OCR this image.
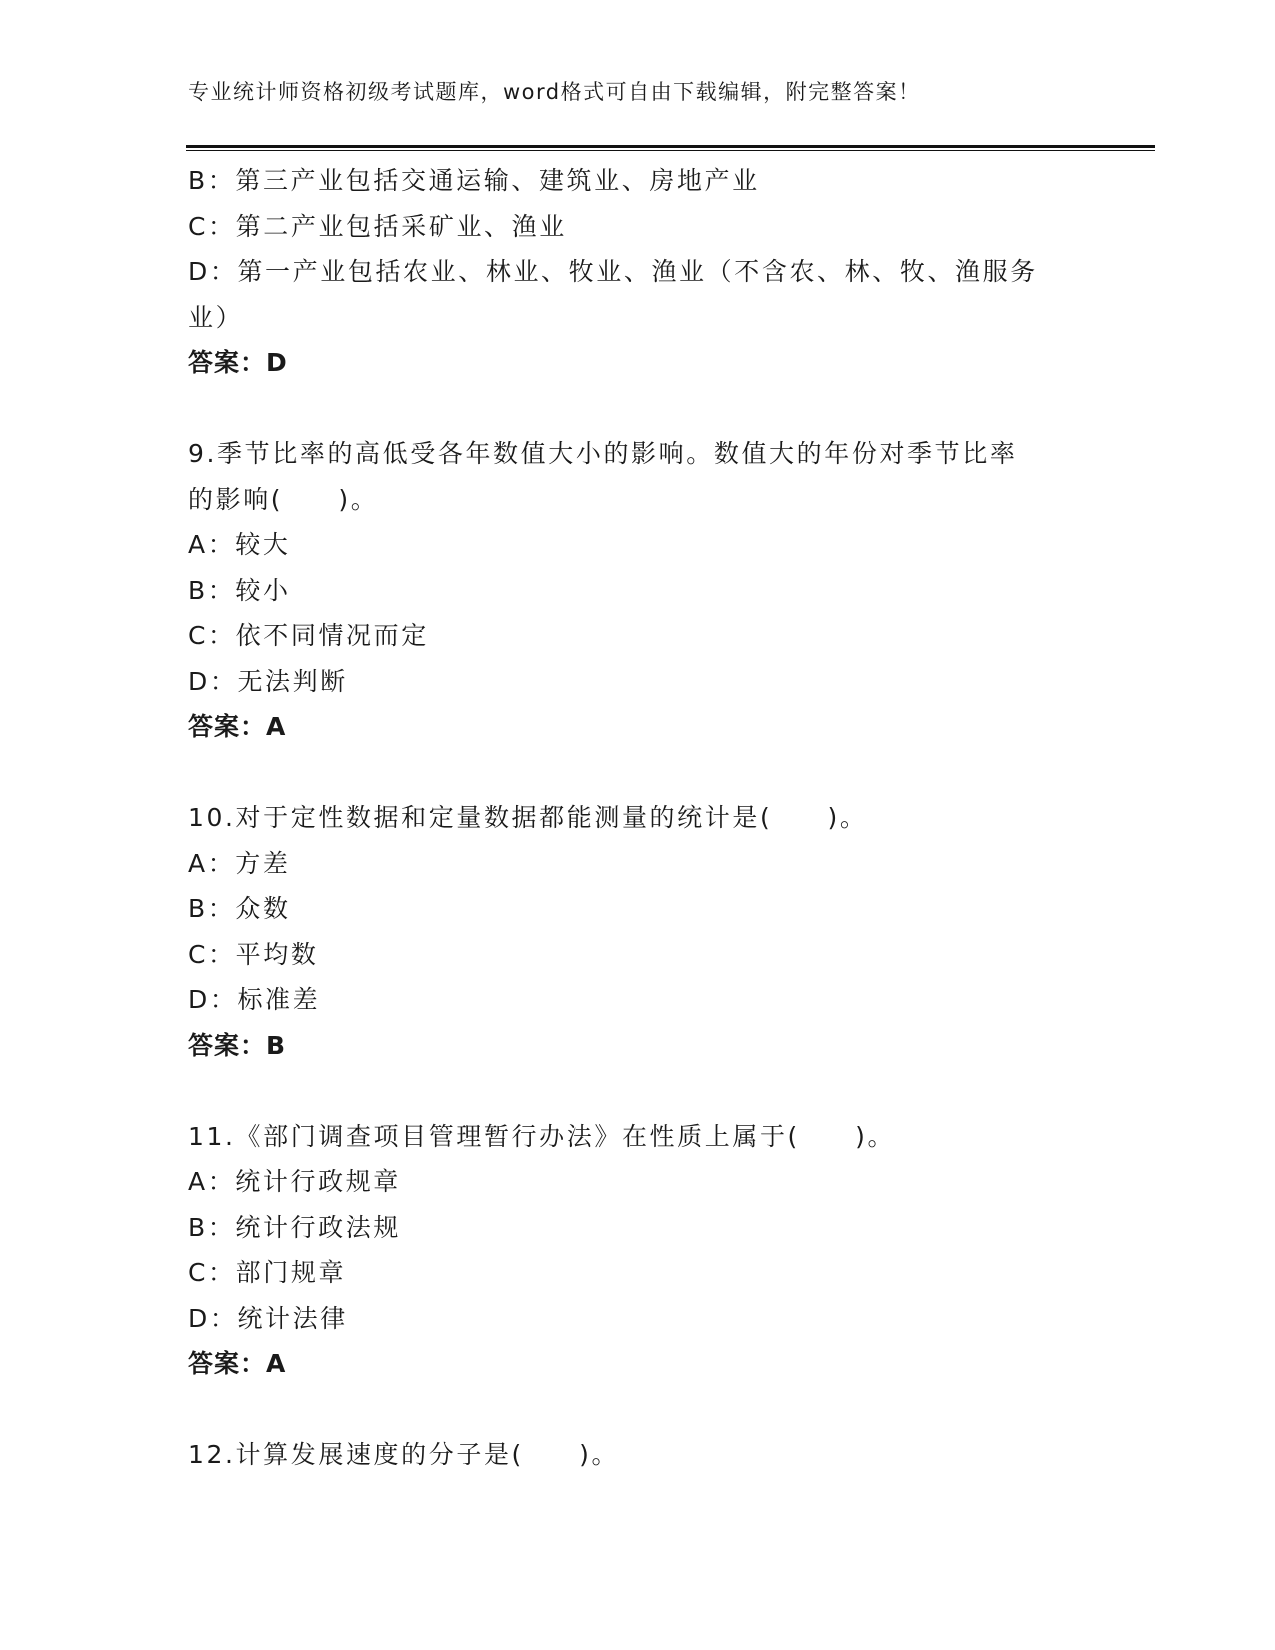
专业统计师资格初级考试题库，word格式可自由下载编辑，附完整答案！
B：第三产业包括交通运输、建筑业、房地产业
C：第二产业包括采矿业、渔业
D：第一产业包括农业、林业、牧业、渔业（不含农、林、牧、渔服务
业）
答案：D
9.季节比率的高低受各年数值大小的影响。数值大的年份对季节比率
的影响(　　)。
A：较大
B：较小
C：依不同情况而定
D：无法判断
答案：A
10.对于定性数据和定量数据都能测量的统计是(　　)。
A：方差
B：众数
C：平均数
D：标准差
答案：B
11.《部门调查项目管理暂行办法》在性质上属于(　　)。
A：统计行政规章
B：统计行政法规
C：部门规章
D：统计法律
答案：A
12.计算发展速度的分子是(　　)。
